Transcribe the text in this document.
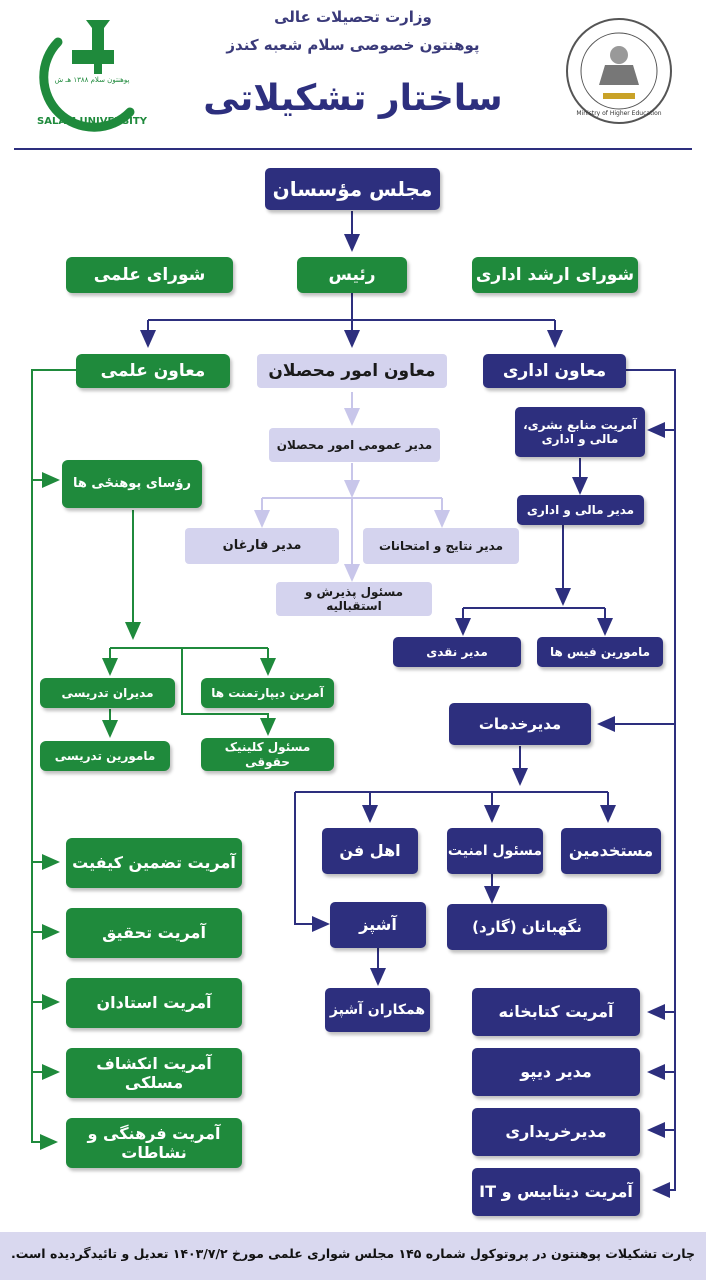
وزارت تحصیلات عالی
پوهنتون خصوصی سلام شعبه کندز
ساختار تشکیلاتی
پوهنتون سلام ۱۳۸۸ هـ ش
SALAM UNIVERSITY
Ministry of Higher Education
مجلس مؤسسان
شورای علمی	رئیس	شورای ارشد اداری
معاون علمی	معاون امور محصلان	معاون اداری
مدیر عمومی امور محصلان
مدیر فارغان	مدیر نتایج و امتحانات
مسئول پذیرش و استقبالیه
رؤسای پوهنځی ها
آمرین دیپارتمنت ها
مدیران تدریسی
مامورین تدریسی
مسئول کلینیک حقوقی
آمریت تضمین کیفیت
آمریت تحقیق
آمریت استادان
آمریت انکشاف مسلکی
آمریت فرهنگی و نشاطات
آمریت منابع بشری، مالی و اداری
مدیر مالی و اداری
مامورین فیس ها
مدیر نقدی
مدیرخدمات
مستخدمین
مسئول امنیت
اهل فن
نگهبانان (گارد)
آشپز
همکاران آشپز	آمریت کتابخانه
مدیر دیپو
مدیرخریداری
آمریت دیتابیس و IT
چارت تشکیلات پوهنتون در پروتوکول شماره ۱۴۵ مجلس شوارى علمی مورخ ۱۴۰۳/۷/۲ تعدیل و تائیدگردیده است.
